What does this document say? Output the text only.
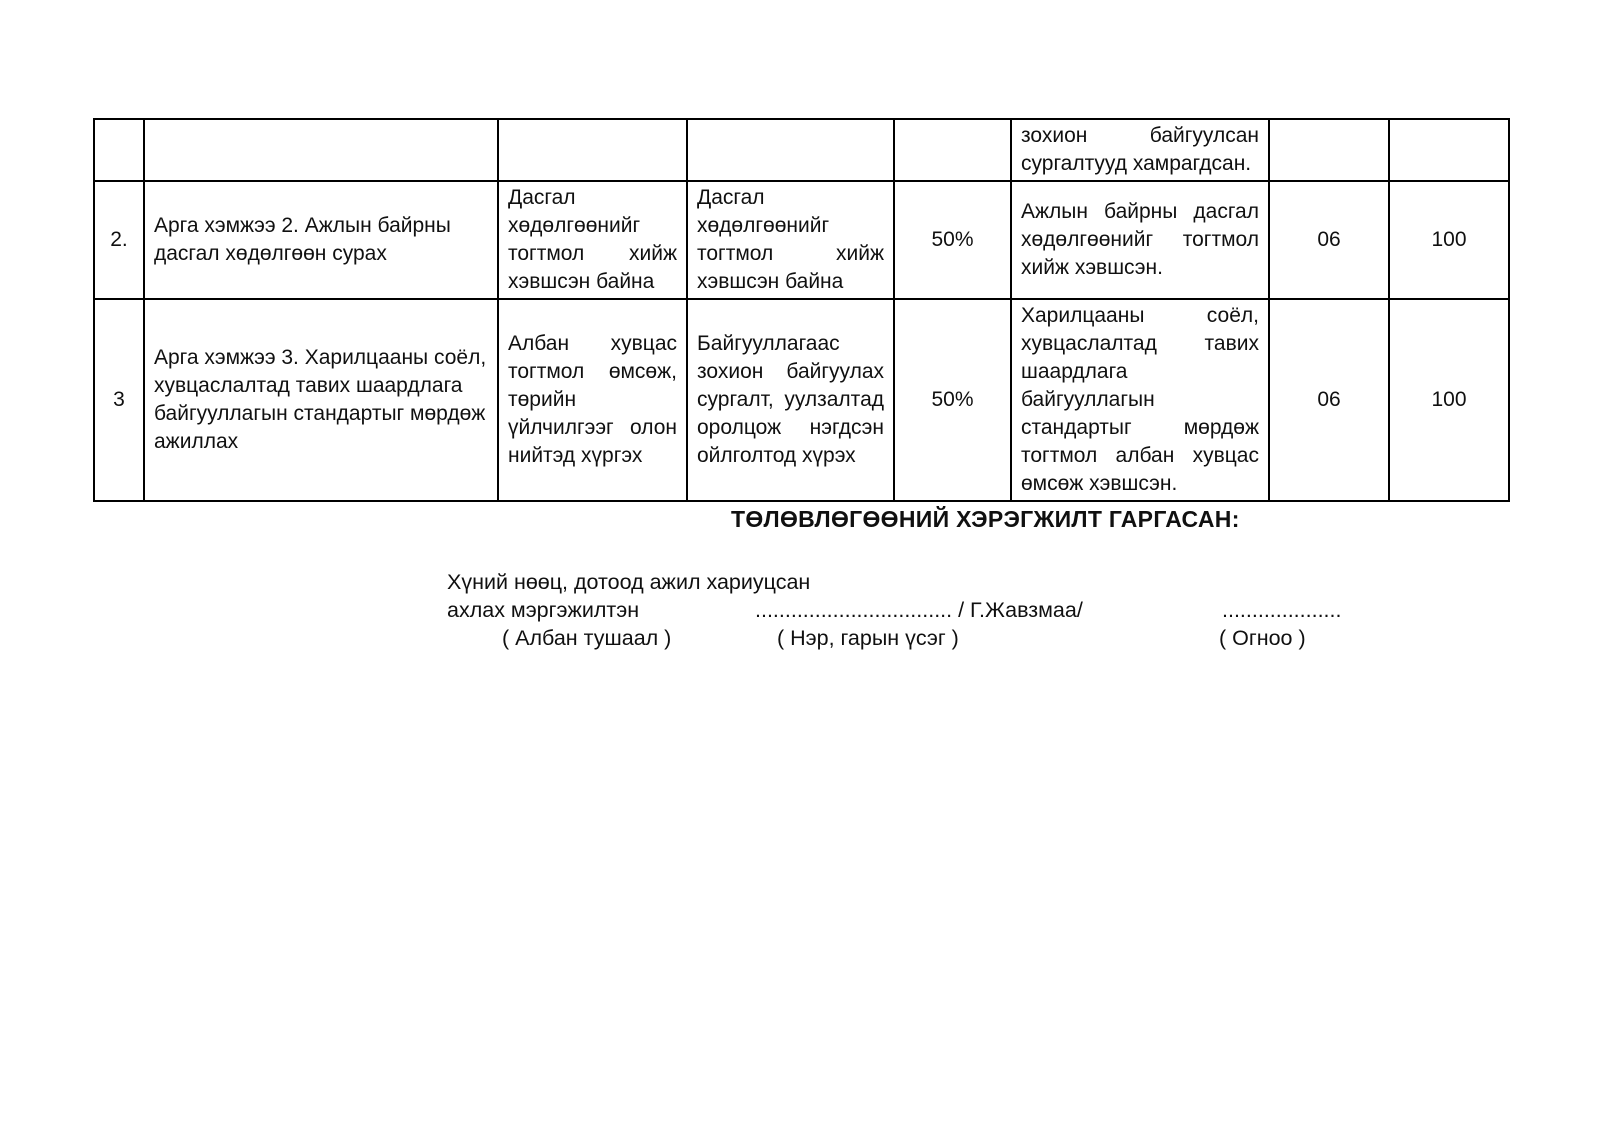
					зохион байгуулсан сургалтууд хамрагдсан.		
2.	Арга хэмжээ 2. Ажлын байрны дасгал хөдөлгөөн сурах	Дасгал хөдөлгөөнийг тогтмол хийж хэвшсэн байна	Дасгал хөдөлгөөнийг тогтмол хийж хэвшсэн байна	50%	Ажлын байрны дасгал хөдөлгөөнийг тогтмол хийж хэвшсэн.	06	100
3	Арга хэмжээ 3. Харилцааны соёл, хувцаслалтад тавих шаардлага байгууллагын стандартыг мөрдөж ажиллах	Албан хувцас тогтмол өмсөж, төрийн үйлчилгээг олон нийтэд хүргэх	Байгууллагаас зохион байгуулах сургалт, уулзалтад оролцож нэгдсэн ойлголтод хүрэх	50%	Харилцааны соёл, хувцаслалтад тавих шаардлага байгууллагын стандартыг мөрдөж тогтмол албан хувцас өмсөж хэвшсэн.	06	100
ТӨЛӨВЛӨГӨӨНИЙ ХЭРЭГЖИЛТ ГАРГАСАН:
Хүний нөөц, дотоод ажил хариуцсан
ахлах мэргэжилтэн	................................. / Г.Жавзмаа/	....................
( Албан тушаал )	( Нэр, гарын үсэг )	( Огноо )
